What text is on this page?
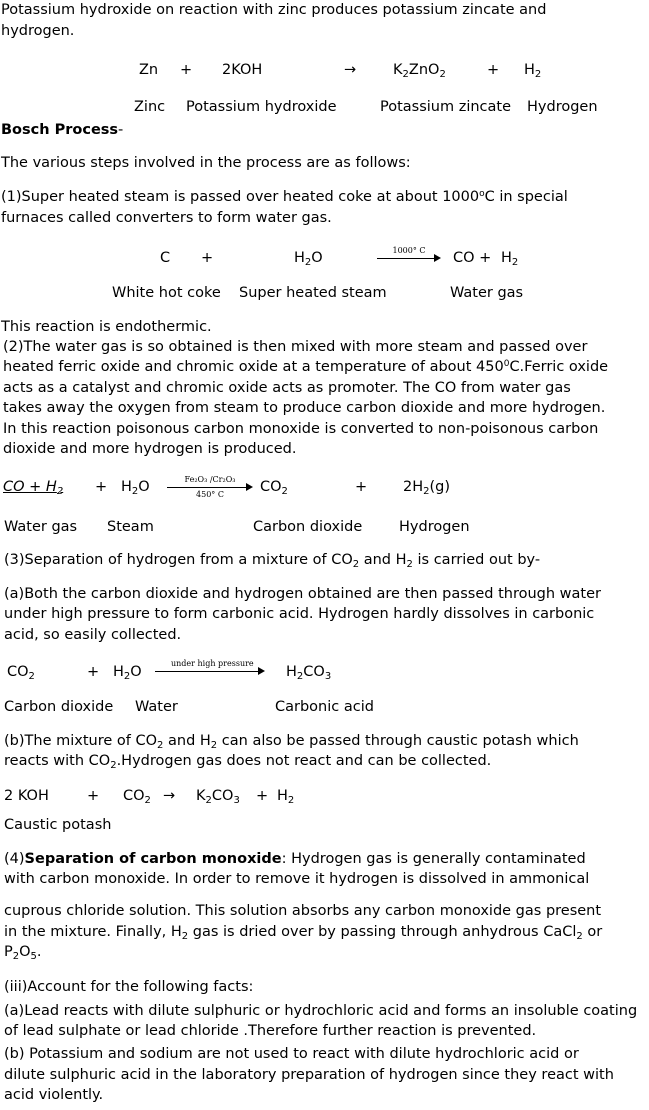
Potassium hydroxide on reaction with zinc produces potassium zincate and
hydrogen.
Zn + 2KOH	→	$K_2ZnO_2$	+ $H_2$
Zinc Potassium hydroxide	Potassium zincate Hydrogen
Bosch Process-
The various steps involved in the process are as follows:
(1)Super heated steam is passed over heated coke at about 1000$^o$C in special
furnaces called converters to form water gas.
C +	$H_2O$	1000° C	CO + $H_2$
White hot coke Super heated steam	Water gas
This reaction is endothermic.
(2)The water gas is so obtained is then mixed with more steam and passed over
heated ferric oxide and chromic oxide at a temperature of about $450^0C.Ferric$ oxide
acts as a catalyst and chromic oxide acts as promoter. The CO from water gas
takes away the oxygen from steam to produce carbon dioxide and more hydrogen.
In this reaction poisonous carbon monoxide is converted to non-poisonous carbon
dioxide and more hydrogen is produced.
CO + $H_2 + H_2O$	Fe₂O₃ /Cr₂O₃
450° C	$CO_2$	+ $2H_2(g)$
Water gas Steam	Carbon dioxide	Hydrogen
(3)Separation of hydrogen from a mixture of $CO_2$ and $H_2$ is carried out by-
(a)Both the carbon dioxide and hydrogen obtained are then passed through water
under high pressure to form carbonic acid. Hydrogen hardly dissolves in carbonic
acid, so easily collected.
$CO_2$	+ $H_2O$
under high pressure
$H_2CO_3$
Carbon dioxide Water	Carbonic acid
(b)The mixture of $CO_2$ and $H_2$ can also be passed through caustic potash which
reacts with $CO_2.Hydrogen$ gas does not react and can be collected.
2 KOH	+ $CO_2 \to K_2CO_3 + H_2$
Caustic potash
(4)Separation of carbon monoxide: Hydrogen gas is generally contaminated
with carbon monoxide. In order to remove it hydrogen is dissolved in ammonical
cuprous chloride solution. This solution absorbs any carbon monoxide gas present
in the mixture. Finally, $H_2$ gas is dried over by passing through anhydrous CaCl$_2$ or
$P_2O_5$.
(iii)Account for the following facts:
(a)Lead reacts with dilute sulphuric or hydrochloric acid and forms an insoluble coating
of lead sulphate or lead chloride .Therefore further reaction is prevented.
(b) Potassium and sodium are not used to react with dilute hydrochloric acid or
dilute sulphuric acid in the laboratory preparation of hydrogen since they react with
acid violently.
